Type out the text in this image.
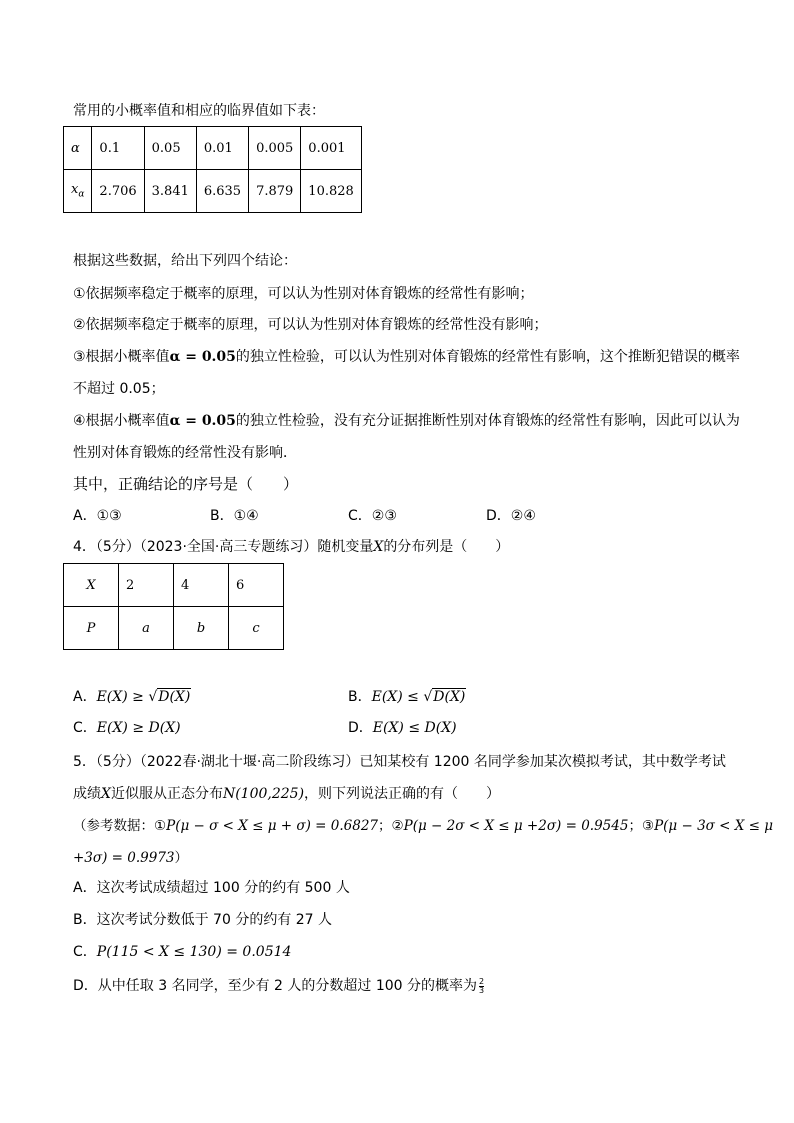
常用的小概率值和相应的临界值如下表：
α	0.1	0.05	0.01	0.005	0.001
$x_\alpha$	2.706	3.841	6.635	7.879	10.828
根据这些数据，给出下列四个结论：
①依据频率稳定于概率的原理，可以认为性别对体育锻炼的经常性有影响；
②依据频率稳定于概率的原理，可以认为性别对体育锻炼的经常性没有影响；
③根据小概率值α = 0.05的独立性检验，可以认为性别对体育锻炼的经常性有影响，这个推断犯错误的概率
不超过 0.05；
④根据小概率值α = 0.05的独立性检验，没有充分证据推断性别对体育锻炼的经常性有影响，因此可以认为
性别对体育锻炼的经常性没有影响．
其中，正确结论的序号是（　　）
A．①③	B．①④	C．②③	D．②④
4．（5分）（2023·全国·高三专题练习）随机变量X的分布列是（　　）
X	2	4	6
P	a	b	c
A．E(X) ≥ √D(X)	B．E(X) ≤ √D(X)
C．E(X) ≥ D(X)	D．E(X) ≤ D(X)
5．（5分）（2022春·湖北十堰·高二阶段练习）已知某校有 1200 名同学参加某次模拟考试，其中数学考试
成绩X近似服从正态分布N(100,225)，则下列说法正确的有（　　）
（参考数据：①P(μ − σ < X ≤ μ + σ) = 0.6827；②P(μ − 2σ < X ≤ μ +2σ) = 0.9545；③P(μ − 3σ < X ≤ μ
+3σ) = 0.9973）
A．这次考试成绩超过 100 分的约有 500 人
B．这次考试分数低于 70 分的约有 27 人
C．P(115 < X ≤ 130) = 0.0514
D．从中任取 3 名同学，至少有 2 人的分数超过 100 分的概率为 $\frac{2}{3}$
